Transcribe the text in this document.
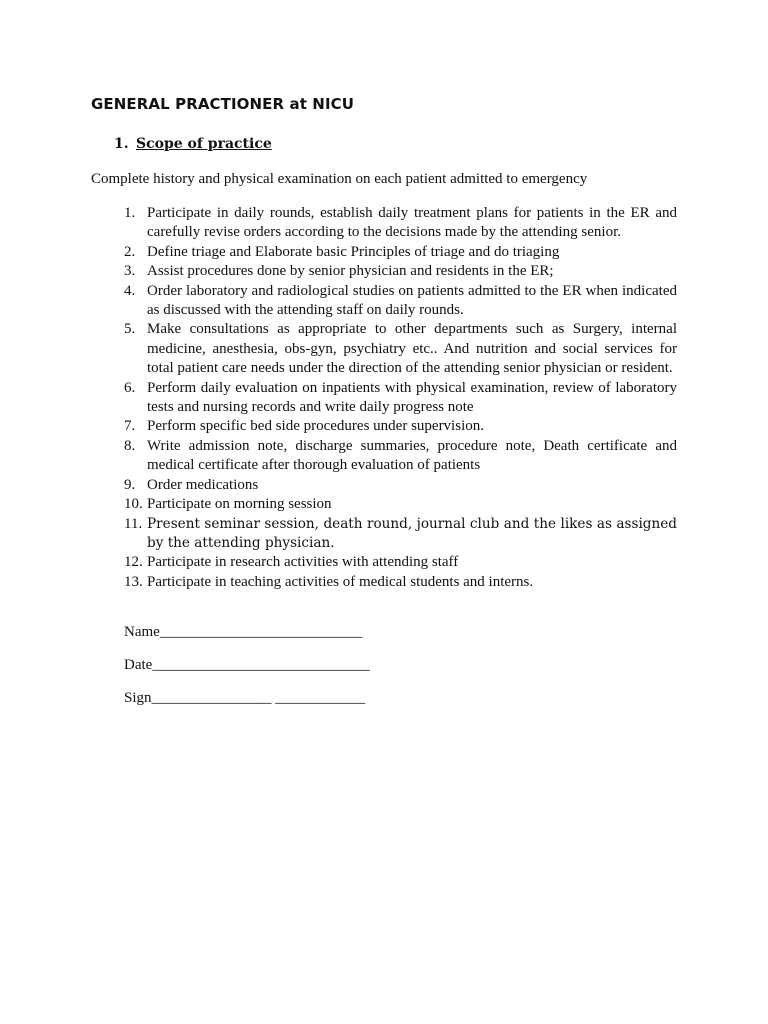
GENERAL PRACTIONER at NICU
1. Scope of practice

Complete history and physical examination on each patient admitted to emergency

1. Participate in daily rounds, establish daily treatment plans for patients in the ER and carefully revise orders according to the decisions made by the attending senior.
2. Define triage and Elaborate basic Principles of triage and do triaging
3. Assist procedures done by senior physician and residents in the ER;
4. Order laboratory and radiological studies on patients admitted to the ER when indicated as discussed with the attending staff on daily rounds.
5. Make consultations as appropriate to other departments such as Surgery, internal medicine, anesthesia, obs-gyn, psychiatry etc.. And nutrition and social services for total patient care needs under the direction of the attending senior physician or resident.
6. Perform daily evaluation on inpatients with physical examination, review of laboratory tests and nursing records and write daily progress note
7. Perform specific bed side procedures under supervision.
8. Write admission note, discharge summaries, procedure note, Death certificate and medical certificate after thorough evaluation of patients
9. Order medications
10. Participate on morning session
11. Present seminar session, death round, journal club and the likes as assigned by the attending physician.
12. Participate in research activities with attending staff
13. Participate in teaching activities of medical students and interns.

Name___________________________

Date_____________________________

Sign________________ ____________
